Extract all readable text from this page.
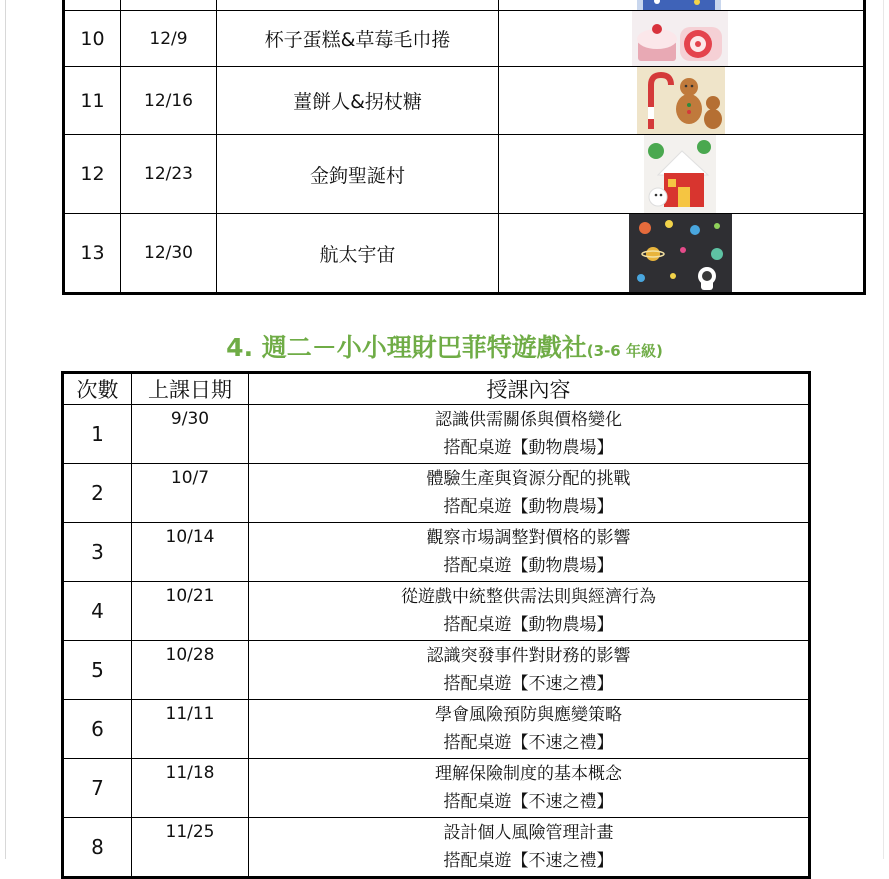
10	12/9	杯子蛋糕&草莓毛巾捲	

11	12/16	薑餅人&拐杖糖	

12	12/23	金鉤聖誕村	

13	12/30	航太宇宙	
4. 週二－小小理財巴菲特遊戲社(3-6 年級)
次數	上課日期	授課內容
1	9/30	認識供需關係與價格變化
搭配桌遊【動物農場】

2	10/7	體驗生產與資源分配的挑戰
搭配桌遊【動物農場】

3	10/14	觀察市場調整對價格的影響
搭配桌遊【動物農場】

4	10/21	從遊戲中統整供需法則與經濟行為
搭配桌遊【動物農場】

5	10/28	認識突發事件對財務的影響
搭配桌遊【不速之禮】

6	11/11	學會風險預防與應變策略
搭配桌遊【不速之禮】

7	11/18	理解保險制度的基本概念
搭配桌遊【不速之禮】

8	11/25	設計個人風險管理計畫
搭配桌遊【不速之禮】
